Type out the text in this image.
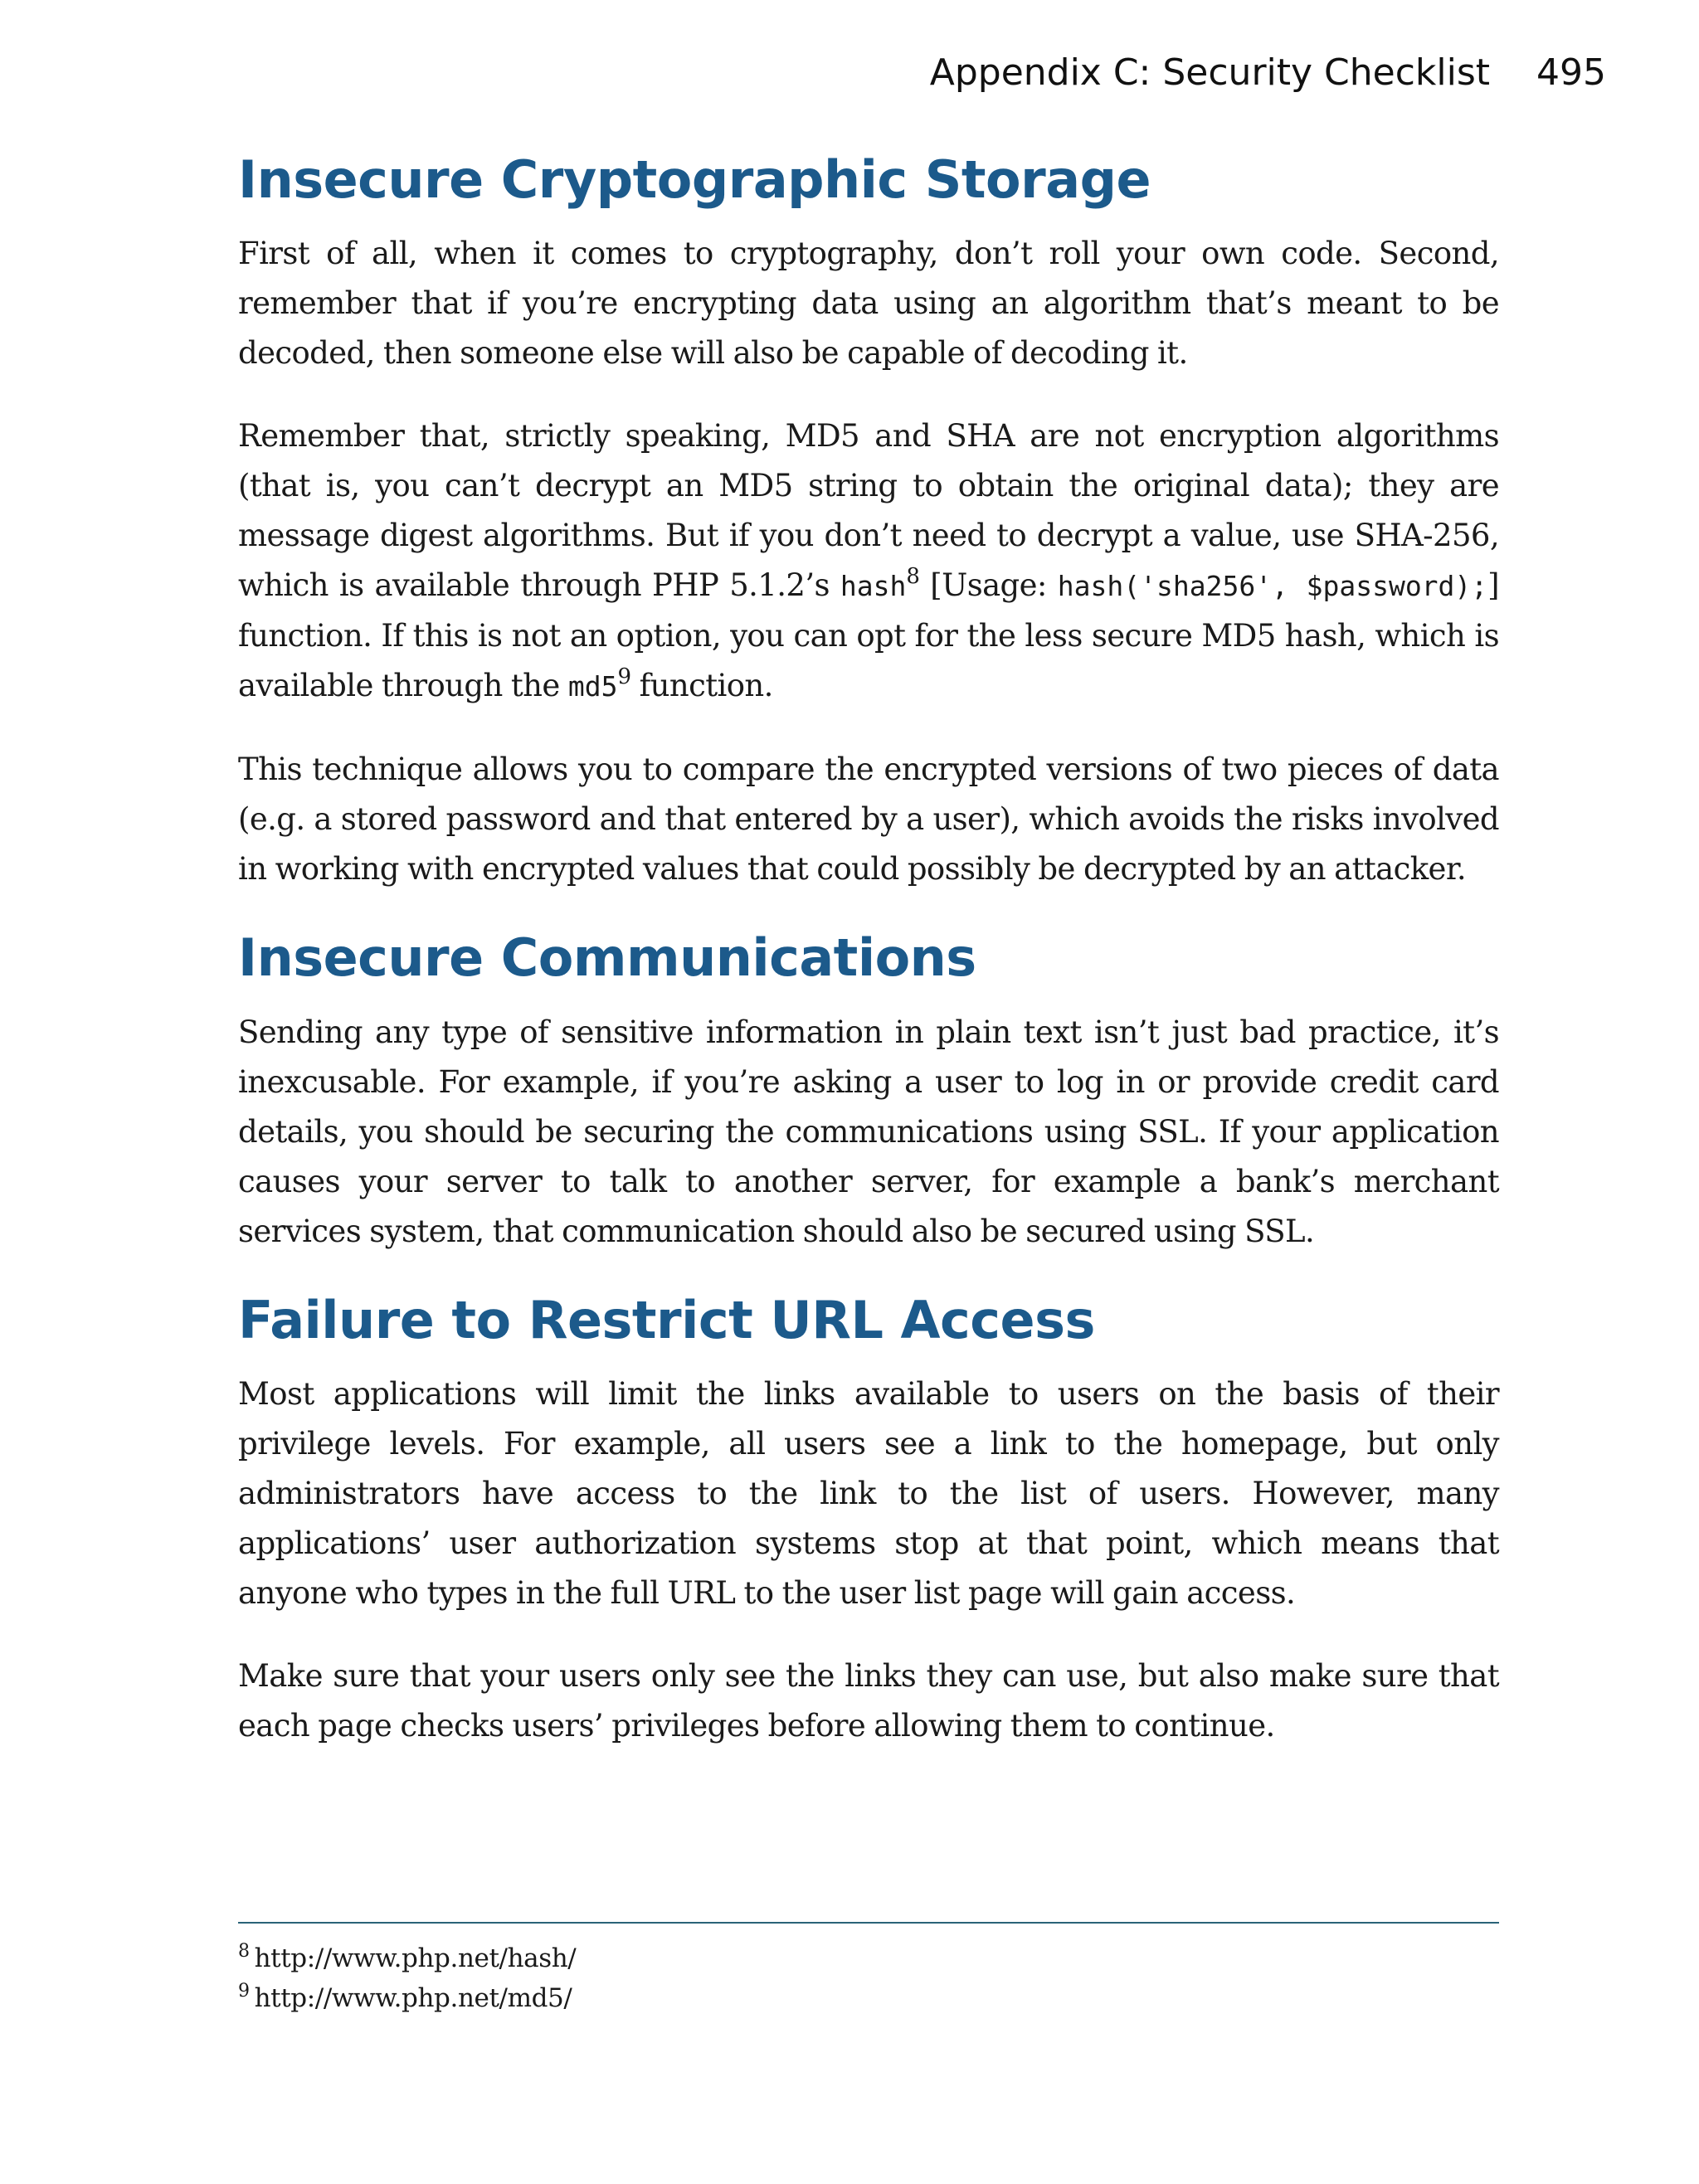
Appendix C: Security Checklist 495
Insecure Cryptographic Storage

First of all, when it comes to cryptography, don’t roll your own code. Second, remember that if you’re encrypting data using an algorithm that’s meant to be decoded, then someone else will also be capable of decoding it.

Remember that, strictly speaking, MD5 and SHA are not encryption algorithms (that is, you can’t decrypt an MD5 string to obtain the original data); they are message digest algorithms. But if you don’t need to decrypt a value, use SHA-256, which is available through PHP 5.1.2’s hash$^8$ [Usage: hash('sha256', $password);] function. If this is not an option, you can opt for the less secure MD5 hash, which is available through the $md5^9$ function.

This technique allows you to compare the encrypted versions of two pieces of data (e.g. a stored password and that entered by a user), which avoids the risks involved in working with encrypted values that could possibly be decrypted by an attacker.

Insecure Communications

Sending any type of sensitive information in plain text isn’t just bad practice, it’s inexcusable. For example, if you’re asking a user to log in or provide credit card details, you should be securing the communications using SSL. If your application causes your server to talk to another server, for example a bank’s merchant services system, that communication should also be secured using SSL.

Failure to Restrict URL Access

Most applications will limit the links available to users on the basis of their privilege levels. For example, all users see a link to the homepage, but only administrators have access to the link to the list of users. However, many applications’ user authorization systems stop at that point, which means that anyone who types in the full URL to the user list page will gain access.

Make sure that your users only see the links they can use, but also make sure that each page checks users’ privileges before allowing them to continue.

$^8$ http://www.php.net/hash/
$^9$ http://www.php.net/md5/
